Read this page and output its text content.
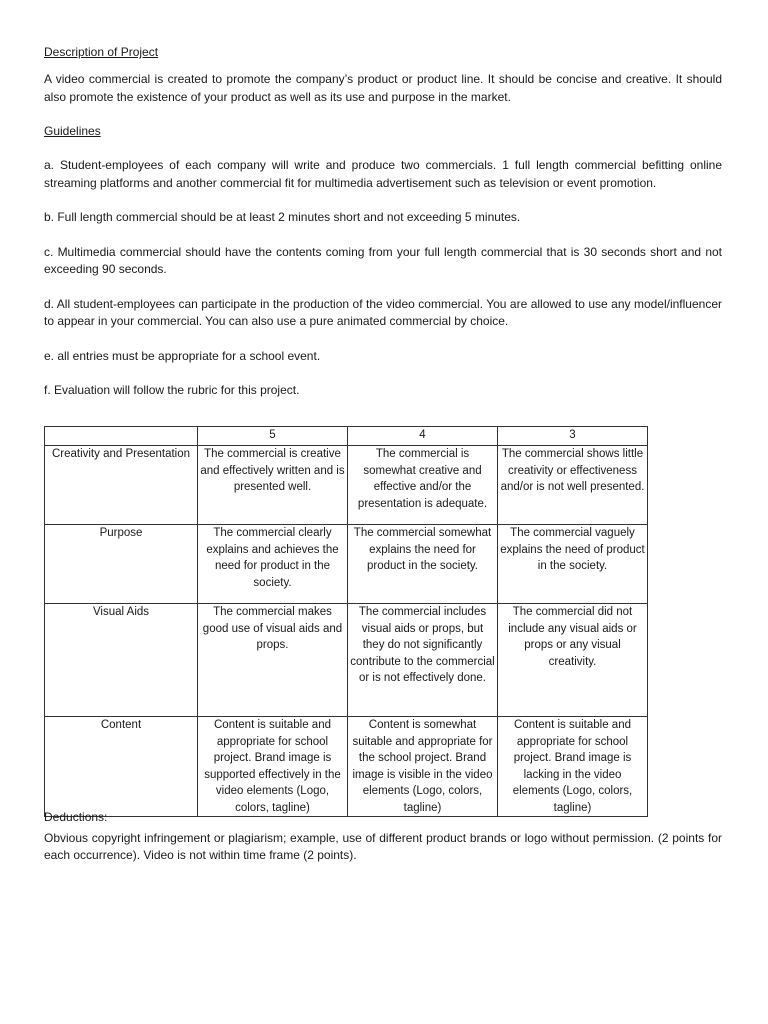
Description of Project

A video commercial is created to promote the company’s product or product line. It should be concise and creative. It should also promote the existence of your product as well as its use and purpose in the market.

Guidelines

a. Student-employees of each company will write and produce two commercials. 1 full length commercial befitting online streaming platforms and another commercial fit for multimedia advertisement such as television or event promotion.

b. Full length commercial should be at least 2 minutes short and not exceeding 5 minutes.

c. Multimedia commercial should have the contents coming from your full length commercial that is 30 seconds short and not exceeding 90 seconds.

d. All student-employees can participate in the production of the video commercial. You are allowed to use any model/influencer to appear in your commercial. You can also use a pure animated commercial by choice.

e. all entries must be appropriate for a school event.

f. Evaluation will follow the rubric for this project.

	5	4	3
Creativity and Presentation	The commercial is creative and effectively written and is presented well.	The commercial is somewhat creative and effective and/or the presentation is adequate.	The commercial shows little creativity or effectiveness and/or is not well presented.
Purpose	The commercial clearly explains and achieves the need for product in the society.	The commercial somewhat explains the need for product in the society.	The commercial vaguely explains the need of product in the society.
Visual Aids	The commercial makes good use of visual aids and props.	The commercial includes visual aids or props, but they do not significantly contribute to the commercial or is not effectively done.	The commercial did not include any visual aids or props or any visual creativity.
Content	Content is suitable and appropriate for school project. Brand image is supported effectively in the video elements (Logo, colors, tagline)	Content is somewhat suitable and appropriate for the school project. Brand image is visible in the video elements (Logo, colors, tagline)	Content is suitable and appropriate for school project. Brand image is lacking in the video elements (Logo, colors, tagline)

Deductions:

Obvious copyright infringement or plagiarism; example, use of different product brands or logo without permission. (2 points for each occurrence). Video is not within time frame (2 points).
